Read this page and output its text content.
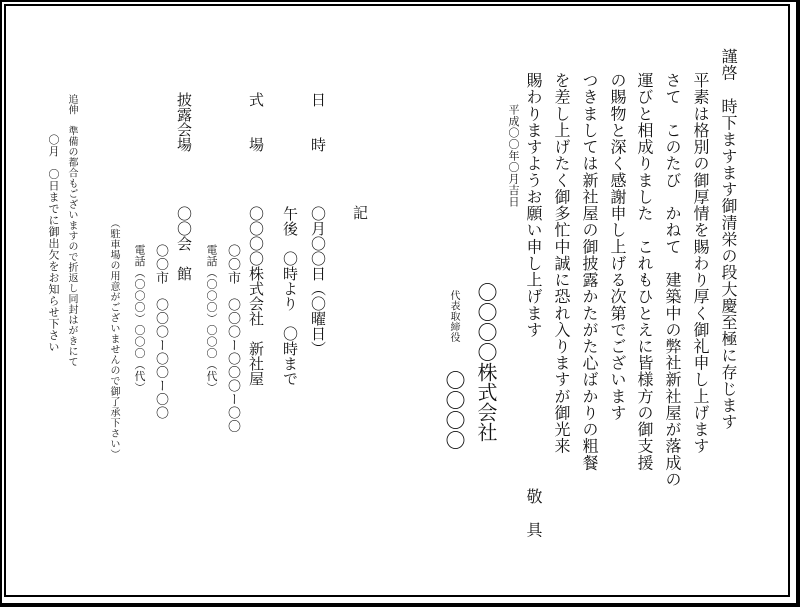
謹啓　時下ますます御清栄の段大慶至極に存じます
平素は格別の御厚情を賜わり厚く御礼申し上げます
さて　このたび　かねて　建築中の弊社新社屋が落成の
運びと相成りました　これもひとえに皆様方の御支援
の賜物と深く感謝申し上げる次第でございます
つきましては新社屋の御披露かたがた心ばかりの粗餐
を差し上げたく御多忙中誠に恐れ入りますが御光来
賜わりますようお願い申し上げます
敬　具
平成〇〇年〇月吉日
代表取締役 〇〇〇〇株式会社
〇〇〇〇
記
日　　時
〇月〇〇日（〇曜日）
午後　〇時より　〇時まで
式　　場
〇〇〇〇株式会社　新社屋
〇〇市　〇〇〇ー〇〇〇ー〇〇
電話（〇〇〇）〇〇〇（代）
披露会場
〇〇会　館
〇〇市　〇〇〇ー〇〇ー〇〇
電話（〇〇〇）〇〇〇（代）
（駐車場の用意がございませんので御了承下さい）
追伸　準備の都合もございますので折返し同封はがきにて
〇月　〇日までに御出欠をお知らせ下さい
